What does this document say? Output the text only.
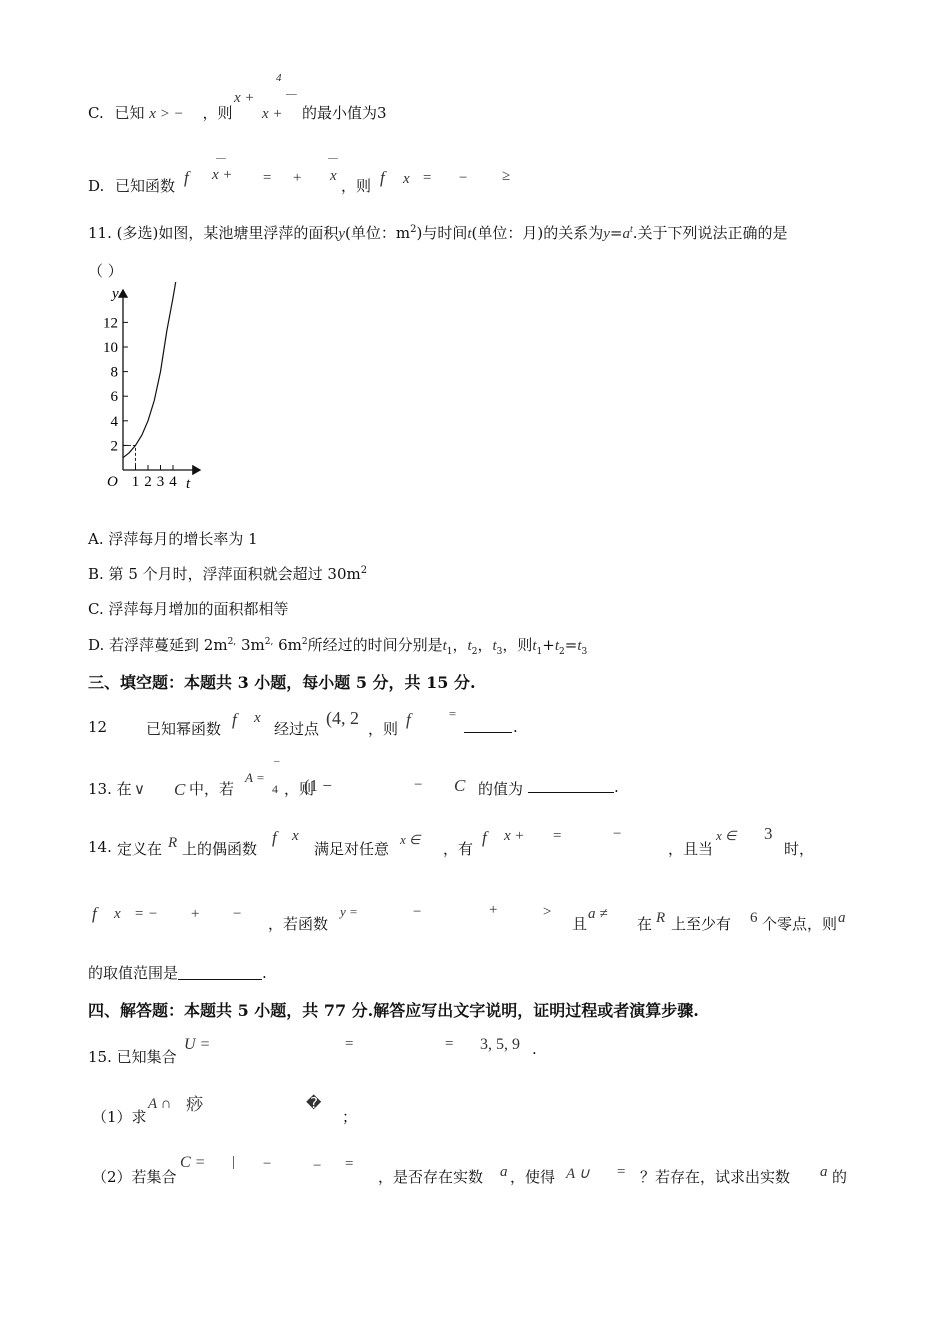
C. 已知 x > − ，则
x +
4
—
x + 的最小值为3
D. 已知函数 f x +
—
= +
—
x
，则 f x = − ≥
11. (多选)如图，某池塘里浮萍的面积y(单位：$m^2$)与时间t(单位：月)的关系为$y=a^t$.关于下列说法正确的是
（ ）
2
4
6
8
10
12
1 2 3 4
y
t
O
A. 浮萍每月的增长率为 1
B. 第 5 个月时，浮萍面积就会超过 $30m^2$
C. 浮萍每月增加的面积都相等
D. 若浮萍蔓延到 $2m^{2,}$ $3m^{2,}$ $6m^2$所经过的时间分别是$t_1$，$t_2$，$t_3$，则$t_1+t_2=t_3$
三、填空题：本题共 3 小题，每小题 5 分，共 15 分.
12	已知幂函数 f x
经过点
(4, 2
，则 f	=
.
13. 在 ∨ C 中，若
A =
–
4 ，则
(1 −	− C 的值为	.
14. 定义在 R 上的偶函数
f x
满足对任意
x ∈
，有
f x + =	−
，且当
x ∈ 3
时，
f x = − + −
，若函数
y =	−	+	>
且
a ≠
在 R 上至少有 6 个零点，则 a
的取值范围是	.
四、解答题：本题共 5 小题，共 77 分.解答应写出文字说明，证明过程或者演算步骤.
15. 已知集合
U =	=	= 3, 5, 9 .
（1）求
A ∩ 痧	�
；
（2）若集合
C = | −	− =
，是否存在实数 a ，使得 A ∪ = ？若存在，试求出实数 a 的
